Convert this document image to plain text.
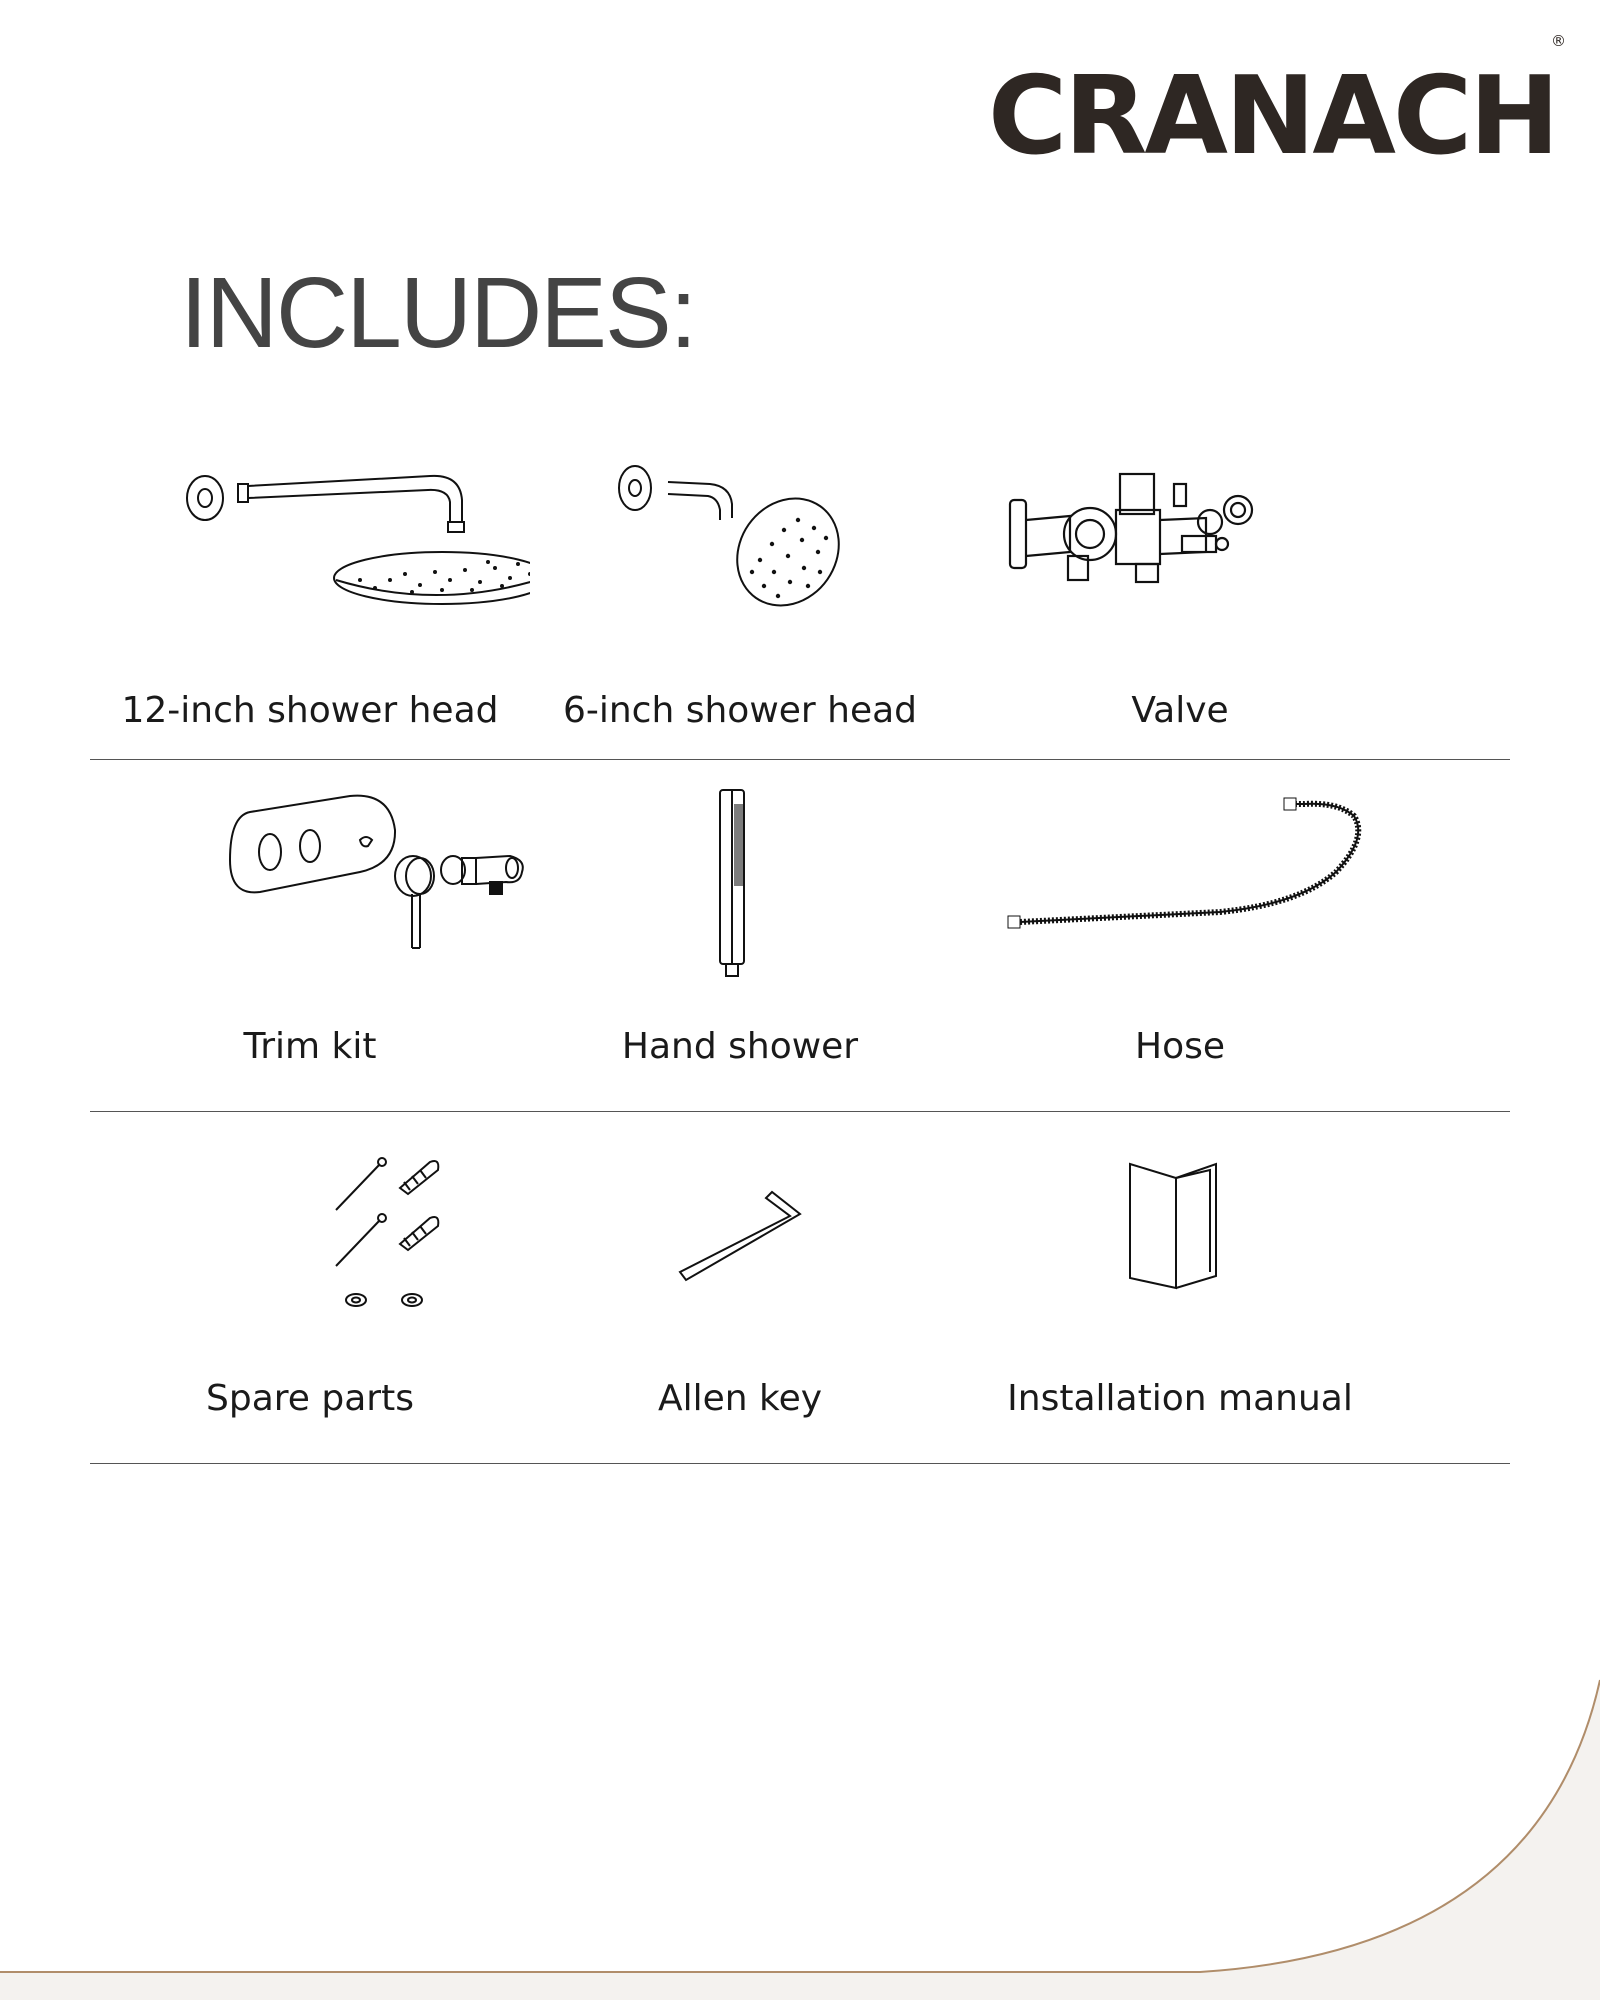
CRANACH
®
INCLUDES:
12-inch shower head	6-inch shower head	Valve
Trim kit	Hand shower	Hose
Spare parts	Allen key	Installation manual
